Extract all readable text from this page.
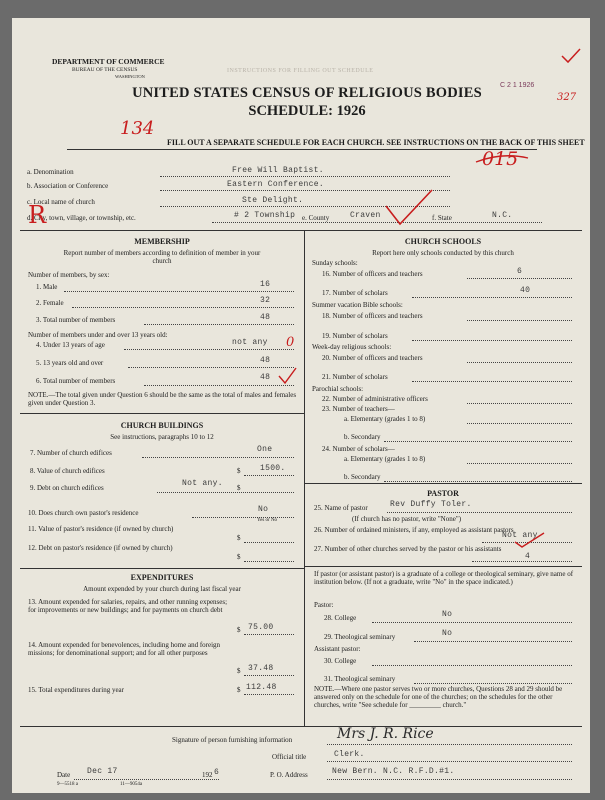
DEPARTMENT OF COMMERCE
BUREAU OF THE CENSUS
WASHINGTON
INSTRUCTIONS FOR FILLING OUT SCHEDULE
UNITED STATES CENSUS OF RELIGIOUS BODIES
SCHEDULE: 1926
C 2 1 1926
327
134
FILL OUT A SEPARATE SCHEDULE FOR EACH CHURCH. SEE INSTRUCTIONS ON THE BACK OF THIS SHEET
015
a. Denomination	Free Will Baptist.
b. Association or Conference	Eastern Conference.
c. Local name of church	Ste Delight.
d. City, town, village, or township, etc.	# 2 Township e. County	Craven	f. State	N.C.
R
MEMBERSHIP
Report number of members according to definition of member in your church
Number of members, by sex:
1. Male	16
2. Female	32
3. Total number of members	48
Number of members under and over 13 years old:
4. Under 13 years of age	not any 0
5. 13 years old and over	48
6. Total number of members	48
NOTE.—The total given under Question 6 should be the same as the total of males and females given under Question 3.
CHURCH BUILDINGS
See instructions, paragraphs 10 to 12
7. Number of church edifices	One
8. Value of church edifices	$ 1500.
9. Debt on church edifices	$
Not any.
10. Does church own pastor's residence	No
Yes or No
11. Value of pastor's residence (if owned by church)
$
12. Debt on pastor's residence (if owned by church)
$
EXPENDITURES
Amount expended by your church during last fiscal year
13. Amount expended for salaries, repairs, and other running expenses; for improvements or new buildings; and for payments on church debt
$ 75.00
14. Amount expended for benevolences, including home and foreign missions; for denominational support; and for all other purposes
$ 37.48
15. Total expenditures during year	$ 112.48
CHURCH SCHOOLS
Report here only schools conducted by this church
Sunday schools:
16. Number of officers and teachers	6
17. Number of scholars	40
Summer vacation Bible schools:
18. Number of officers and teachers
19. Number of scholars
Week-day religious schools:
20. Number of officers and teachers
21. Number of scholars
Parochial schools:
22. Number of administrative officers
23. Number of teachers—
a. Elementary (grades 1 to 8)
b. Secondary
24. Number of scholars—
a. Elementary (grades 1 to 8)
b. Secondary
PASTOR
25. Name of pastor	Rev Duffy Toler.
(If church has no pastor, write "None")
26. Number of ordained ministers, if any, employed as assistant pastors
Not any
27. Number of other churches served by the pastor or his assistants
4
If pastor (or assistant pastor) is a graduate of a college or theological seminary, give name of institution below. (If not a graduate, write "No" in the space indicated.)
Pastor:
28. College	No
29. Theological seminary	No
Assistant pastor:
30. College
31. Theological seminary
NOTE.—Where one pastor serves two or more churches, Questions 28 and 29 should be answered only on the schedule for one of the churches; on the schedules for the other churches, write "See schedule for _________ church."
Signature of person furnishing information	Mrs J. R. Rice
Official title	Clerk.
Date Dec 17	192 6	P. O. Address	New Bern. N.C. R.F.D.#1.
9—5518 a	11—9054a
